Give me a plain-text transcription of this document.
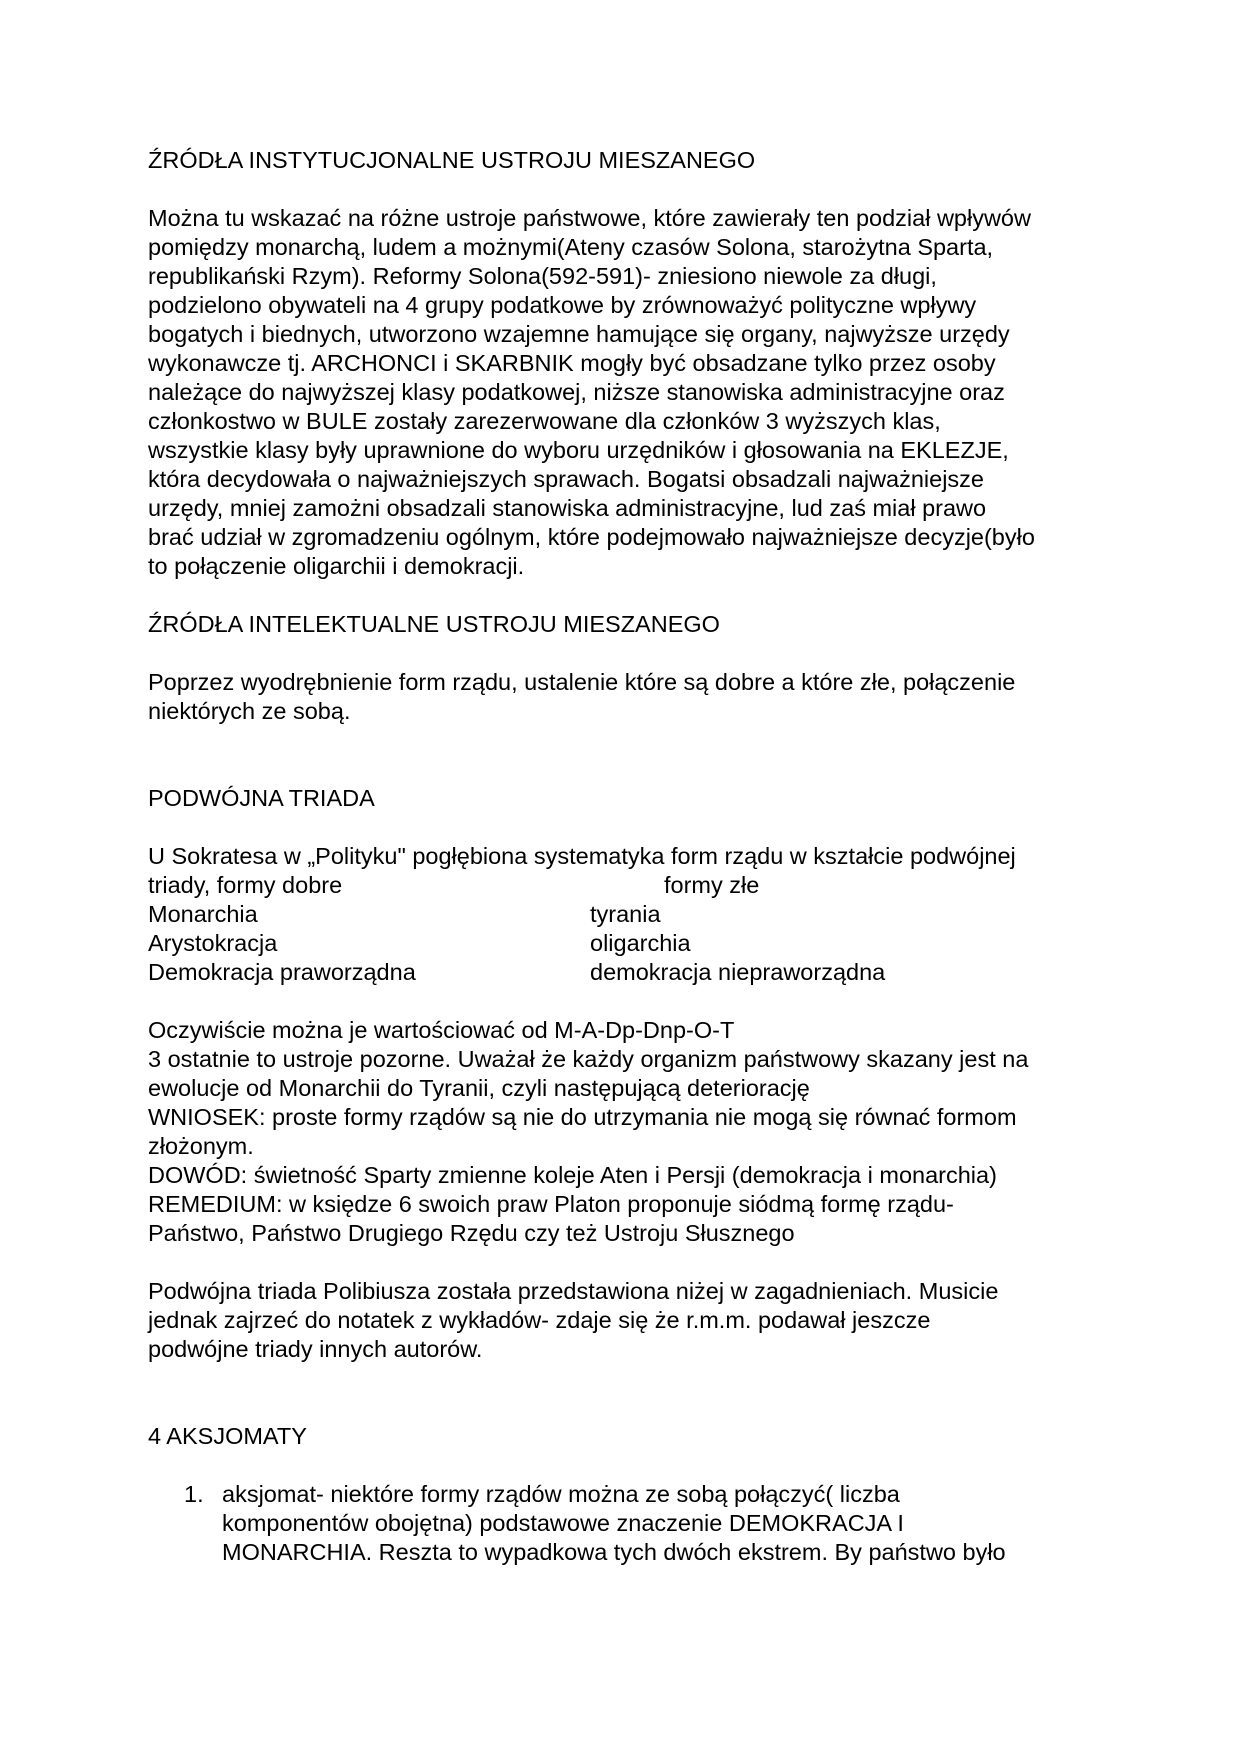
ŹRÓDŁA INSTYTUCJONALNE USTROJU MIESZANEGO
Można tu wskazać na różne ustroje państwowe, które zawierały ten podział wpływów
pomiędzy monarchą, ludem a możnymi(Ateny czasów Solona, starożytna Sparta,
republikański Rzym). Reformy Solona(592-591)- zniesiono niewole za długi,
podzielono obywateli na 4 grupy podatkowe by zrównoważyć polityczne wpływy
bogatych i biednych, utworzono wzajemne hamujące się organy, najwyższe urzędy
wykonawcze tj. ARCHONCI i SKARBNIK mogły być obsadzane tylko przez osoby
należące do najwyższej klasy podatkowej, niższe stanowiska administracyjne oraz
członkostwo w BULE zostały zarezerwowane dla członków 3 wyższych klas,
wszystkie klasy były uprawnione do wyboru urzędników i głosowania na EKLEZJE,
która decydowała o najważniejszych sprawach. Bogatsi obsadzali najważniejsze
urzędy, mniej zamożni obsadzali stanowiska administracyjne, lud zaś miał prawo
brać udział w zgromadzeniu ogólnym, które podejmowało najważniejsze decyzje(było
to połączenie oligarchii i demokracji.
ŹRÓDŁA INTELEKTUALNE USTROJU MIESZANEGO
Poprzez wyodrębnienie form rządu, ustalenie które są dobre a które złe, połączenie
niektórych ze sobą.
PODWÓJNA TRIADA
U Sokratesa w „Polityku" pogłębiona systematyka form rządu w kształcie podwójnej
triady, formy dobre	formy złe
Monarchia	tyrania
Arystokracja	oligarchia
Demokracja praworządna	demokracja niepraworządna
Oczywiście można je wartościować od M-A-Dp-Dnp-O-T
3 ostatnie to ustroje pozorne. Uważał że każdy organizm państwowy skazany jest na
ewolucje od Monarchii do Tyranii, czyli następującą deteriorację
WNIOSEK: proste formy rządów są nie do utrzymania nie mogą się równać formom
złożonym.
DOWÓD: świetność Sparty zmienne koleje Aten i Persji (demokracja i monarchia)
REMEDIUM: w księdze 6 swoich praw Platon proponuje siódmą formę rządu-
Państwo, Państwo Drugiego Rzędu czy też Ustroju Słusznego
Podwójna triada Polibiusza została przedstawiona niżej w zagadnieniach. Musicie
jednak zajrzeć do notatek z wykładów- zdaje się że r.m.m. podawał jeszcze
podwójne triady innych autorów.
4 AKSJOMATY
1. aksjomat- niektóre formy rządów można ze sobą połączyć( liczba
komponentów obojętna) podstawowe znaczenie DEMOKRACJA I
MONARCHIA. Reszta to wypadkowa tych dwóch ekstrem. By państwo było
